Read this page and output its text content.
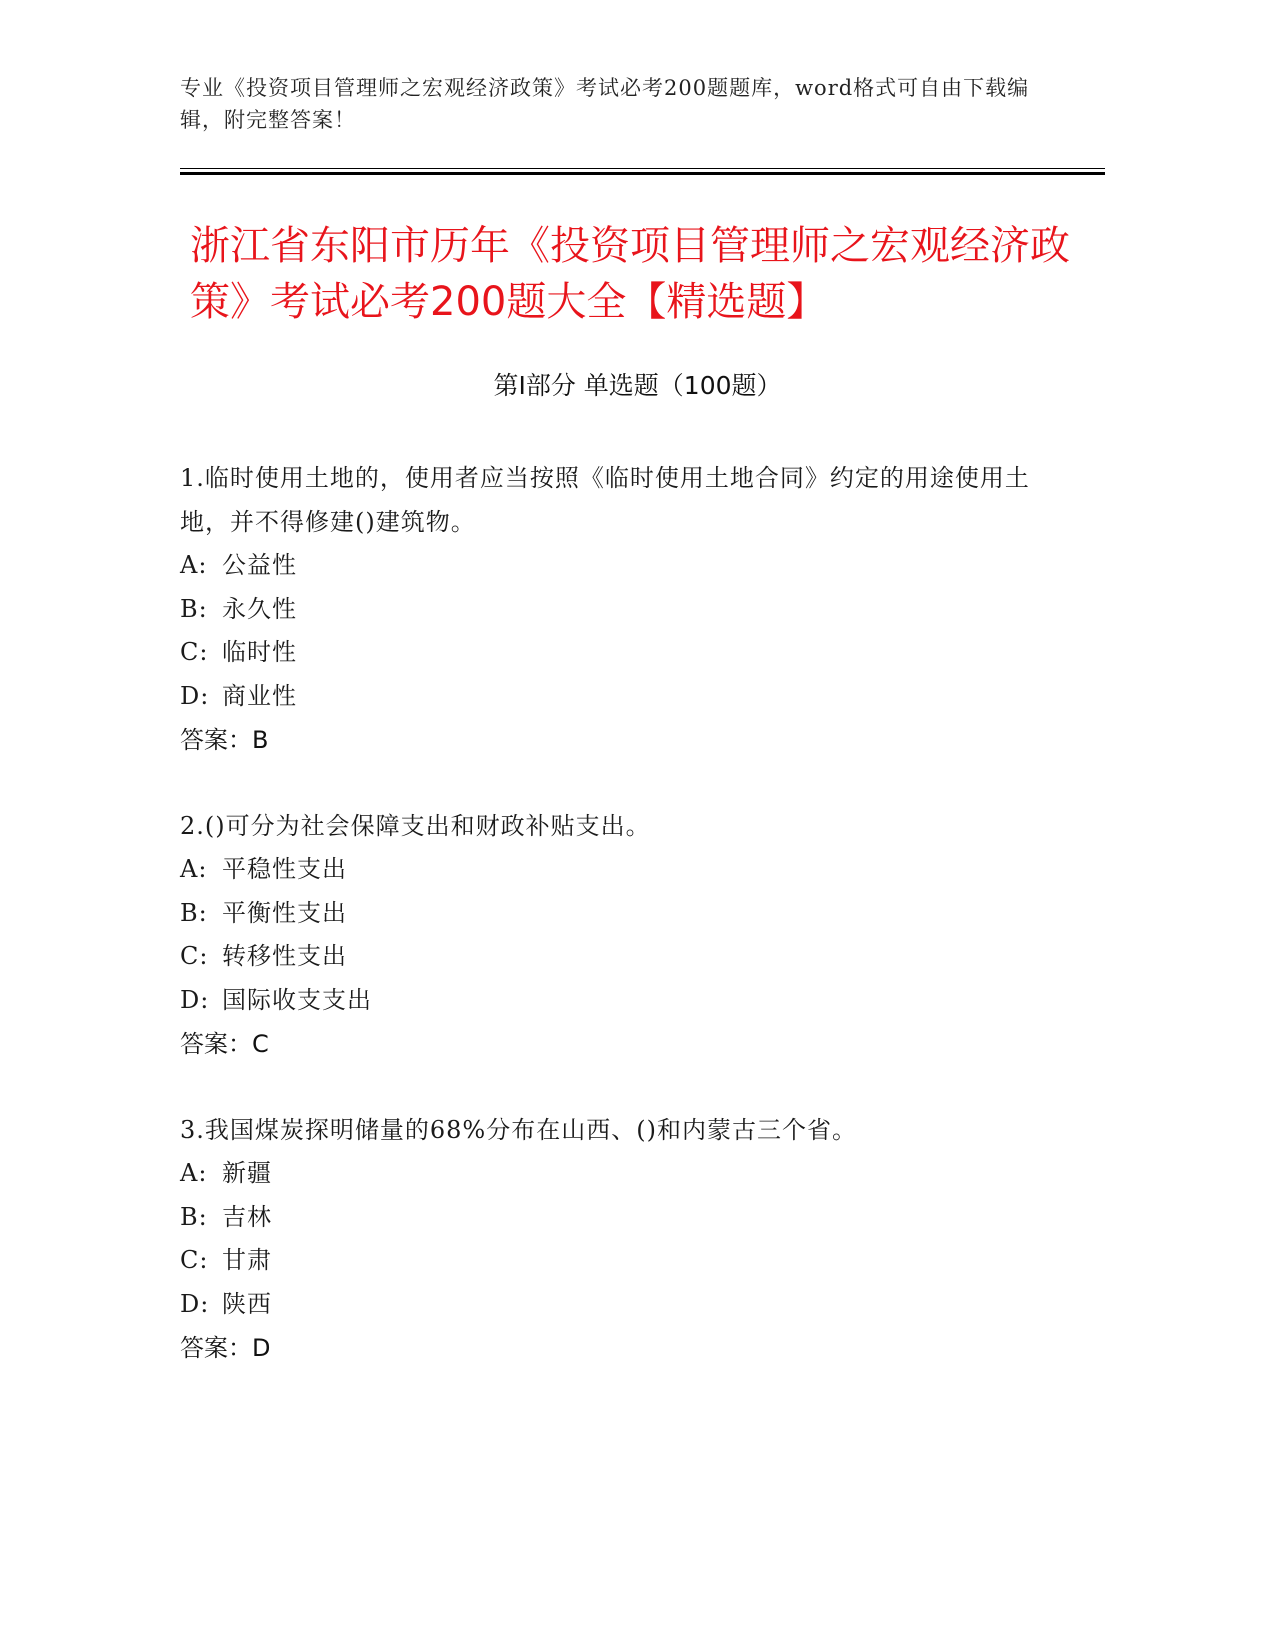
专业《投资项目管理师之宏观经济政策》考试必考200题题库，word格式可自由下载编辑，附完整答案！
浙江省东阳市历年《投资项目管理师之宏观经济政策》考试必考200题大全【精选题】
第I部分 单选题（100题）
1.临时使用土地的，使用者应当按照《临时使用土地合同》约定的用途使用土地，并不得修建()建筑物。
A: 公益性
B: 永久性
C: 临时性
D: 商业性
答案：B
2.()可分为社会保障支出和财政补贴支出。
A: 平稳性支出
B: 平衡性支出
C: 转移性支出
D: 国际收支支出
答案：C
3.我国煤炭探明储量的68%分布在山西、()和内蒙古三个省。
A: 新疆
B: 吉林
C: 甘肃
D: 陕西
答案：D
